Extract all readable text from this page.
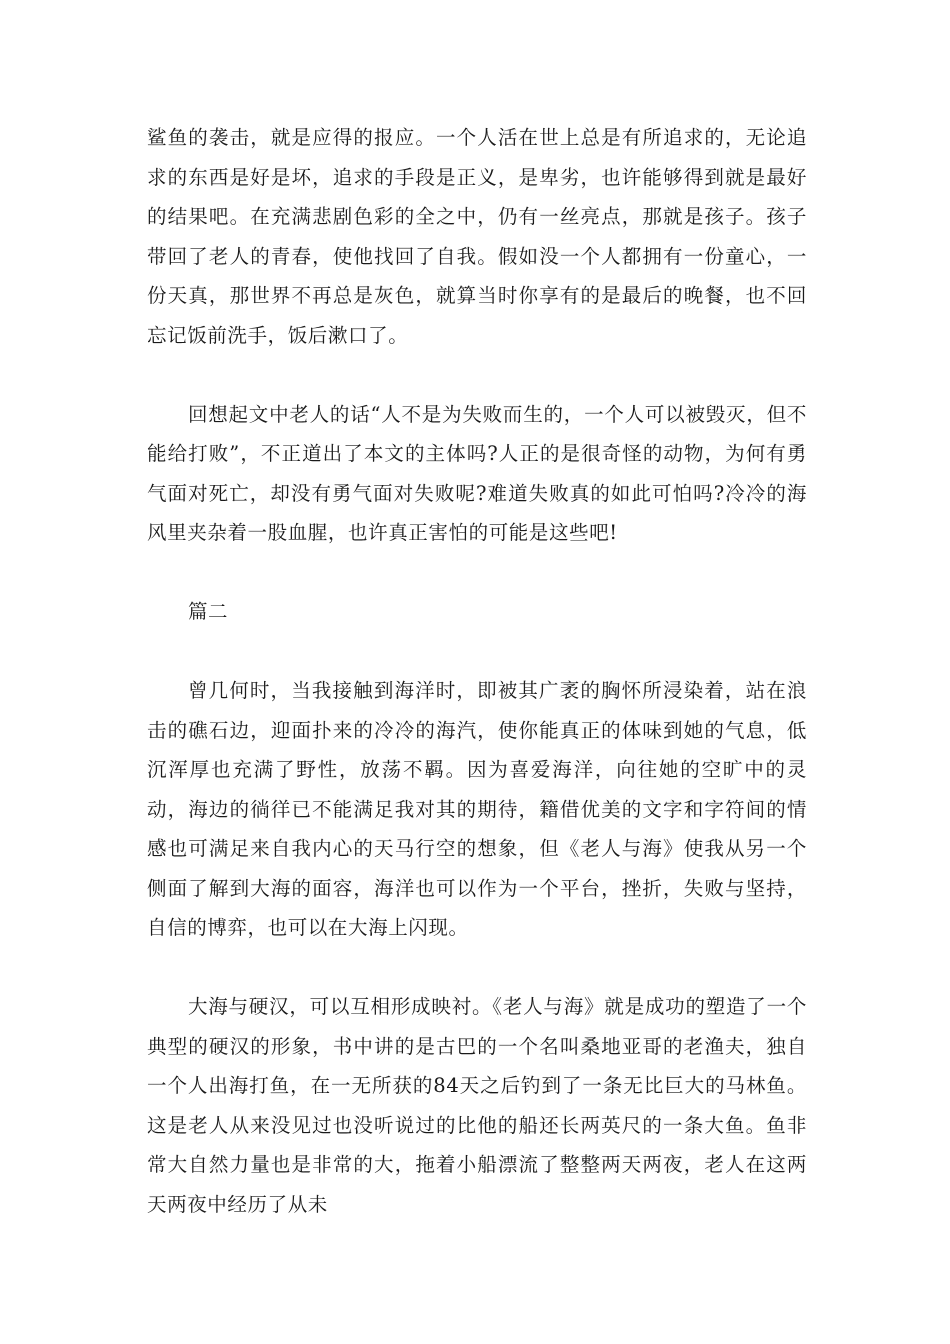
鲨鱼的袭击，就是应得的报应。一个人活在世上总是有所追求的，无论追求的东西是好是坏，追求的手段是正义，是卑劣，也许能够得到就是最好的结果吧。在充满悲剧色彩的全之中，仍有一丝亮点，那就是孩子。孩子带回了老人的青春，使他找回了自我。假如没一个人都拥有一份童心，一份天真，那世界不再总是灰色，就算当时你享有的是最后的晚餐，也不回忘记饭前洗手，饭后漱口了。

回想起文中老人的话“人不是为失败而生的，一个人可以被毁灭，但不能给打败”，不正道出了本文的主体吗?人正的是很奇怪的动物，为何有勇气面对死亡，却没有勇气面对失败呢?难道失败真的如此可怕吗?冷冷的海风里夹杂着一股血腥，也许真正害怕的可能是这些吧!

篇二

曾几何时，当我接触到海洋时，即被其广袤的胸怀所浸染着，站在浪击的礁石边，迎面扑来的冷冷的海汽，使你能真正的体味到她的气息，低沉浑厚也充满了野性，放荡不羁。因为喜爱海洋，向往她的空旷中的灵动，海边的徜徉已不能满足我对其的期待，籍借优美的文字和字符间的情感也可满足来自我内心的天马行空的想象，但《老人与海》使我从另一个侧面了解到大海的面容，海洋也可以作为一个平台，挫折，失败与坚持，自信的博弈，也可以在大海上闪现。

大海与硬汉，可以互相形成映衬。《老人与海》就是成功的塑造了一个典型的硬汉的形象，书中讲的是古巴的一个名叫桑地亚哥的老渔夫，独自一个人出海打鱼，在一无所获的84天之后钓到了一条无比巨大的马林鱼。这是老人从来没见过也没听说过的比他的船还长两英尺的一条大鱼。鱼非常大自然力量也是非常的大，拖着小船漂流了整整两天两夜，老人在这两天两夜中经历了从未
